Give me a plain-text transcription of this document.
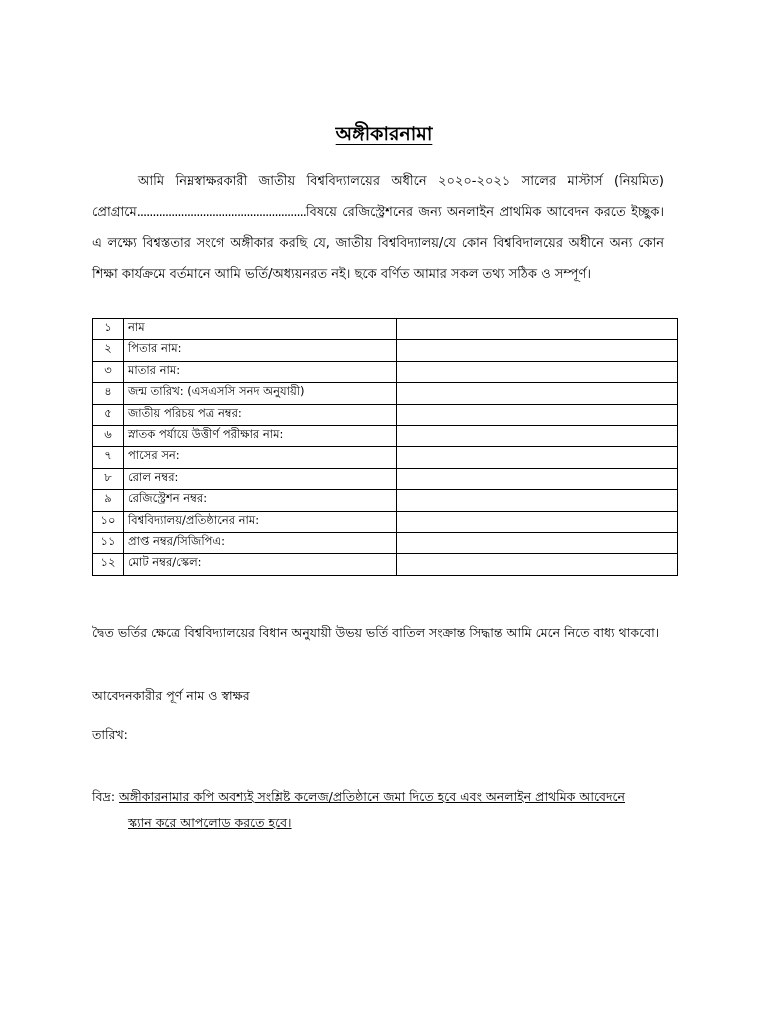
অঙ্গীকারনামা
আমি নিম্নস্বাক্ষরকারী জাতীয় বিশ্ববিদ্যালয়ের অধীনে ২০২০-২০২১ সালের মাস্টার্স (নিয়মিত) প্রোগ্রামে......................................................বিষয়ে রেজিস্ট্রেশনের জন্য অনলাইন প্রাথমিক আবেদন করতে ইচ্ছুক। এ লক্ষ্যে বিশ্বস্ততার সংগে অঙ্গীকার করছি যে, জাতীয় বিশ্ববিদ্যালয়/যে কোন বিশ্ববিদালয়ের অধীনে অন্য কোন শিক্ষা কার্যক্রমে বর্তমানে আমি ভর্তি/অধ্যয়নরত নই। ছকে বর্ণিত আমার সকল তথ্য সঠিক ও সম্পূর্ণ।
১	নাম	
২	পিতার নাম:	
৩	মাতার নাম:	
৪	জন্ম তারিখ: (এসএসসি সনদ অনুযায়ী)	
৫	জাতীয় পরিচয় পত্র নম্বর:	
৬	স্নাতক পর্যায়ে উত্তীর্ণ পরীক্ষার নাম:	
৭	পাসের সন:	
৮	রোল নম্বর:	
৯	রেজিস্ট্রেশন নম্বর:	
১০	বিশ্ববিদ্যালয়/প্রতিষ্ঠানের নাম:	
১১	প্রাপ্ত নম্বর/সিজিপিএ:	
১২	মোট নম্বর/স্কেল:	
দ্বৈত ভর্তির ক্ষেত্রে বিশ্ববিদ্যালয়ের বিধান অনুযায়ী উভয় ভর্তি বাতিল সংক্রান্ত সিদ্ধান্ত আমি মেনে নিতে বাধ্য থাকবো।
আবেদনকারীর পূর্ণ নাম ও স্বাক্ষর
তারিখ:
বিদ্র: অঙ্গীকারনামার কপি অবশ্যই সংশ্লিষ্ট কলেজ/প্রতিষ্ঠানে জমা দিতে হবে এবং অনলাইন প্রাথমিক আবেদনে
স্ক্যান করে আপলোড করতে হবে।
